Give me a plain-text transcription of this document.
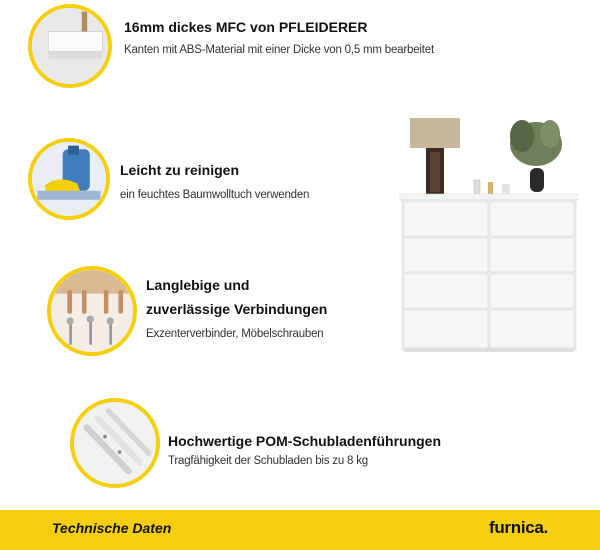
16mm dickes MFC von PFLEIDERER
Kanten mit ABS-Material mit einer Dicke von 0,5 mm bearbeitet
Leicht zu reinigen
ein feuchtes Baumwolltuch verwenden
Langlebige und
zuverlässige Verbindungen
Exzenterverbinder, Möbelschrauben
Hochwertige POM-Schubladenführungen
Tragfähigkeit der Schubladen bis zu 8 kg
Technische Daten	furnica.
